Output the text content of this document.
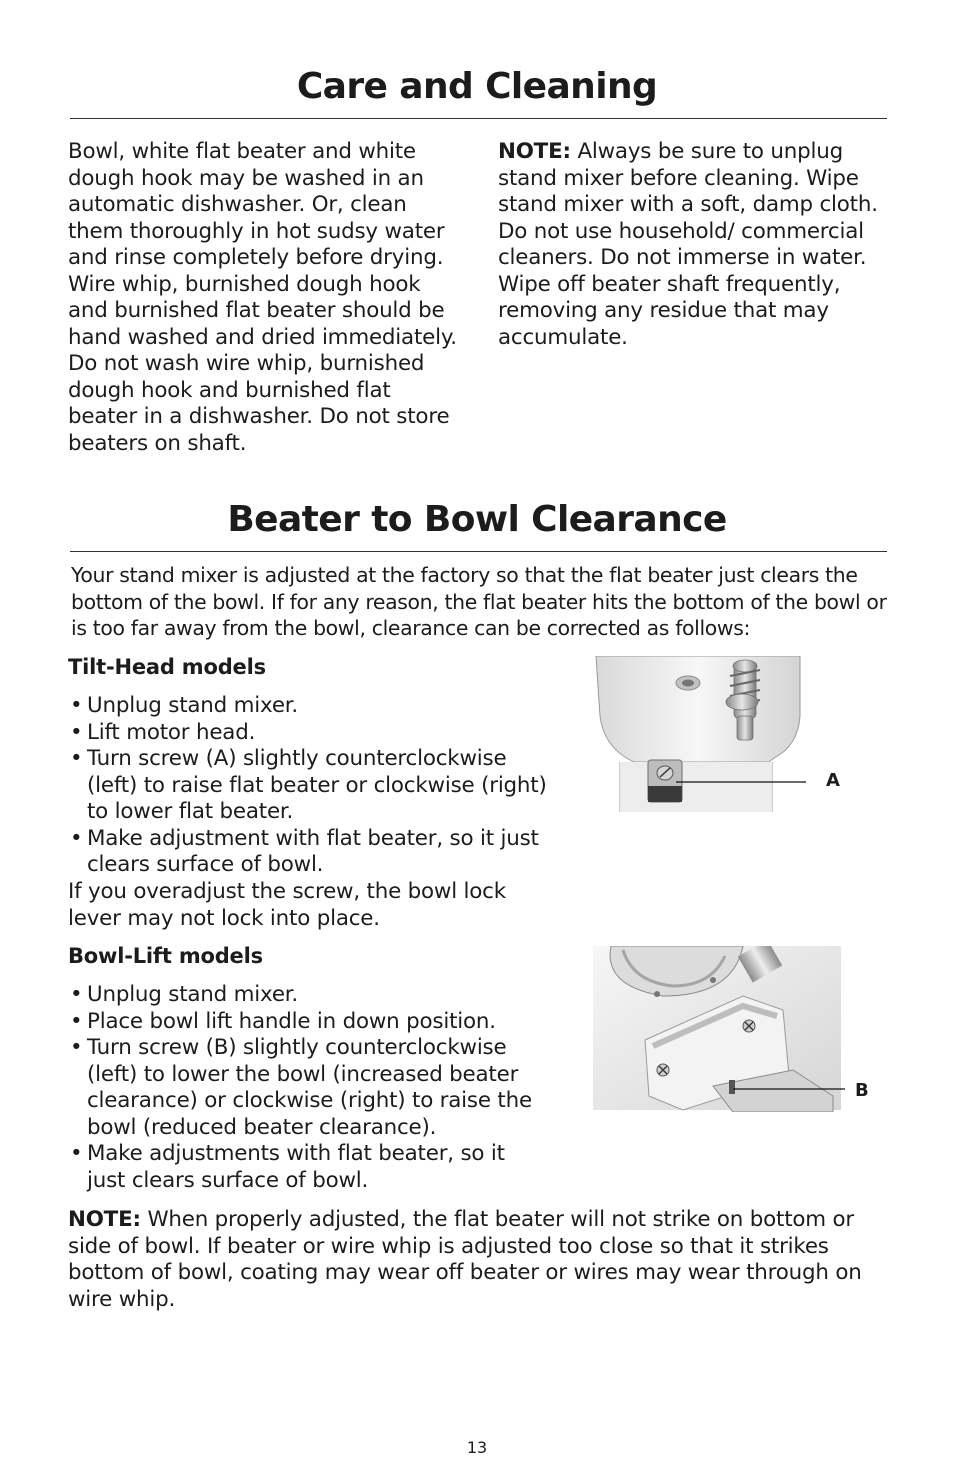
Care and Cleaning

Bowl, white flat beater and white dough hook may be washed in an automatic dishwasher. Or, clean them thoroughly in hot sudsy water and rinse completely before drying. Wire whip, burnished dough hook and burnished flat beater should be hand washed and dried immediately. Do not wash wire whip, burnished dough hook and burnished flat beater in a dishwasher. Do not store beaters on shaft.

NOTE: Always be sure to unplug stand mixer before cleaning. Wipe stand mixer with a soft, damp cloth. Do not use household/ commercial cleaners. Do not immerse in water. Wipe off beater shaft frequently, removing any residue that may accumulate.

Beater to Bowl Clearance

Your stand mixer is adjusted at the factory so that the flat beater just clears the bottom of the bowl. If for any reason, the flat beater hits the bottom of the bowl or is too far away from the bowl, clearance can be corrected as follows:

Tilt-Head models

• Unplug stand mixer.
• Lift motor head.
• Turn screw (A) slightly counterclockwise (left) to raise flat beater or clockwise (right) to lower flat beater.
• Make adjustment with flat beater, so it just clears surface of bowl.

If you overadjust the screw, the bowl lock lever may not lock into place.

A

Bowl-Lift models

• Unplug stand mixer.
• Place bowl lift handle in down position.
• Turn screw (B) slightly counterclockwise (left) to lower the bowl (increased beater clearance) or clockwise (right) to raise the bowl (reduced beater clearance).
• Make adjustments with flat beater, so it just clears surface of bowl.
B

NOTE: When properly adjusted, the flat beater will not strike on bottom or side of bowl. If beater or wire whip is adjusted too close so that it strikes bottom of bowl, coating may wear off beater or wires may wear through on wire whip.

13
